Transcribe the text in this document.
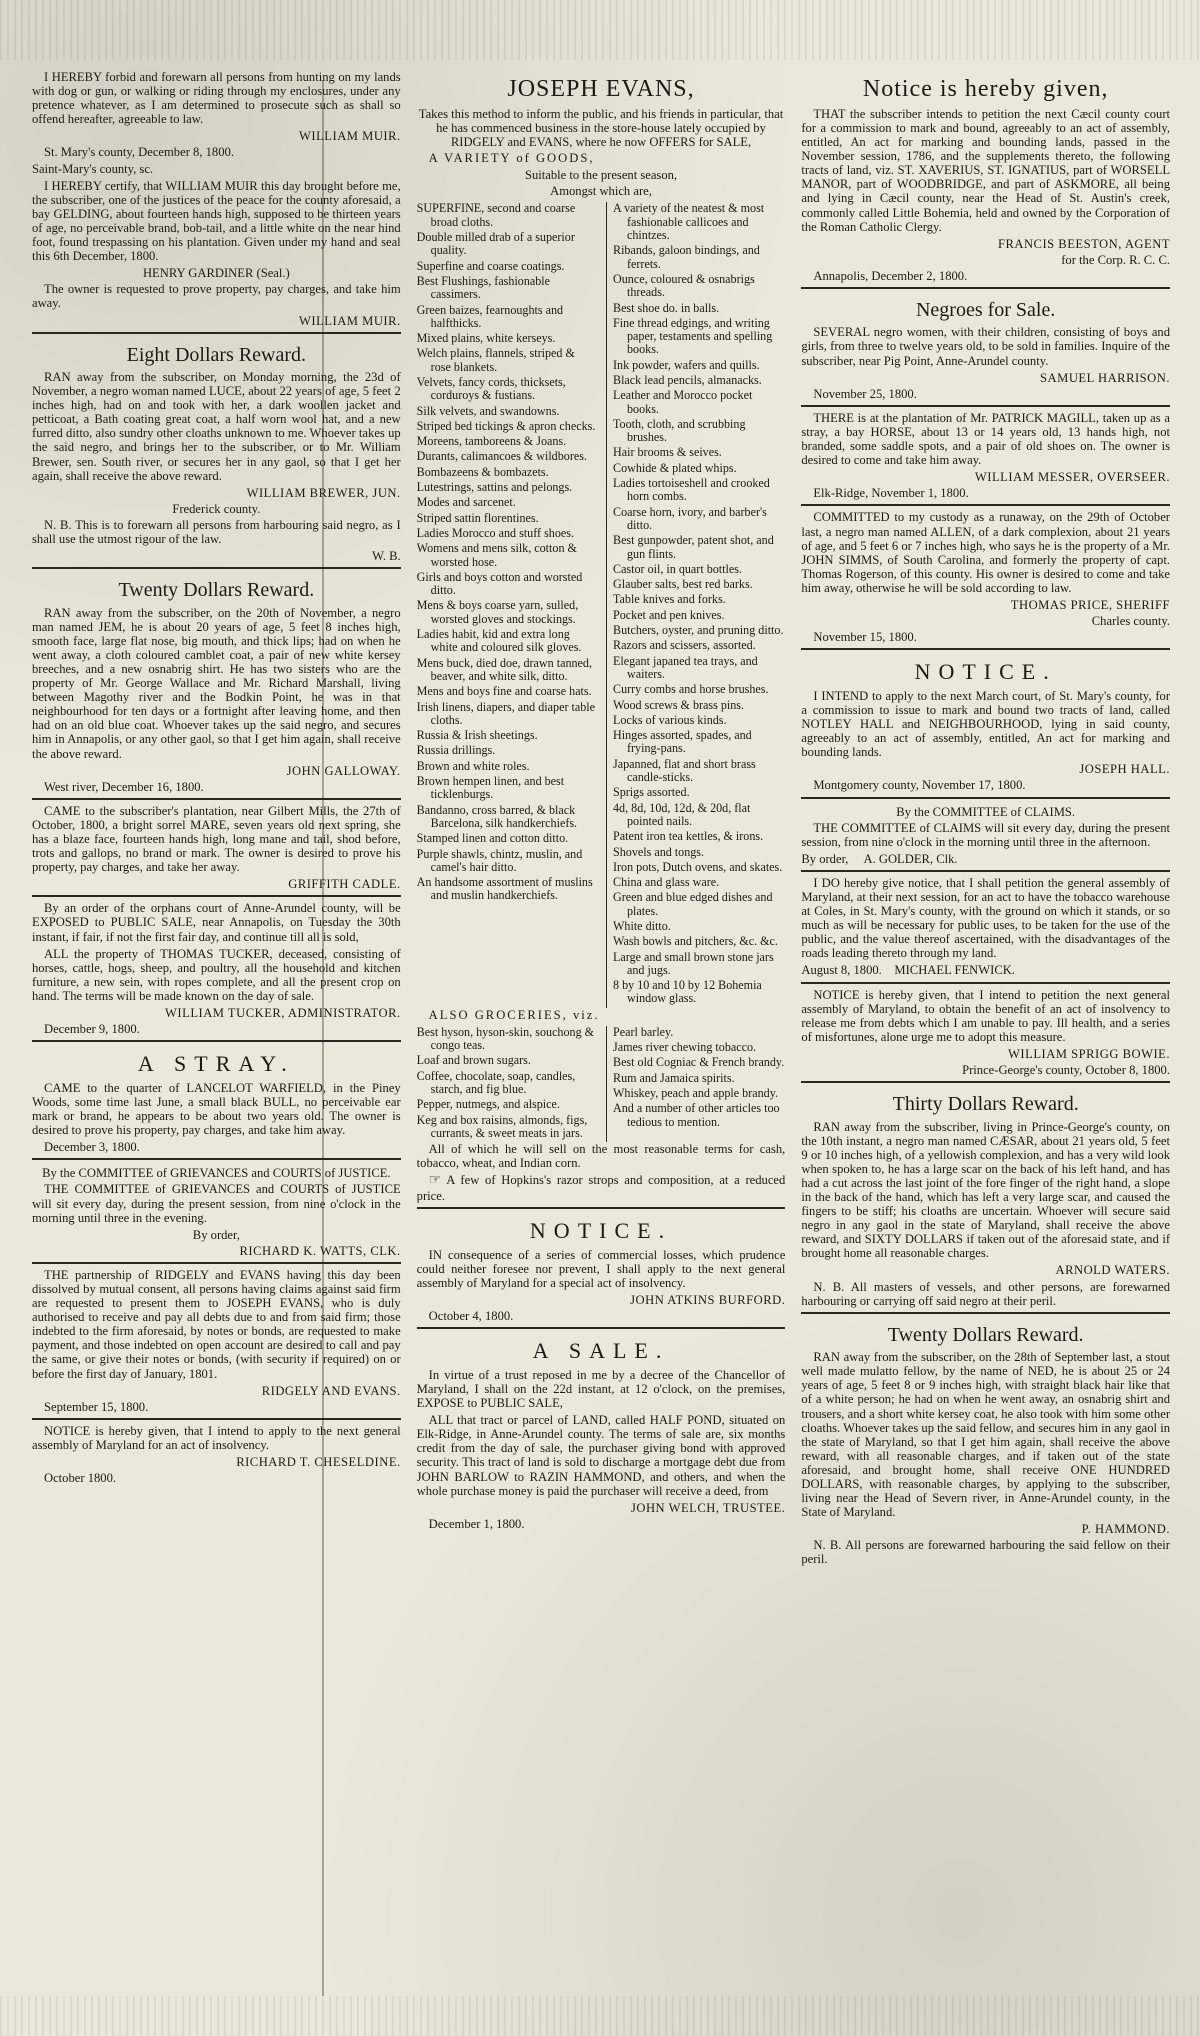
I HEREBY forbid and forewarn all persons from hunting on my lands with dog or gun, or walking or riding through my enclosures, under any pretence whatever, as I am determined to prosecute such as shall so offend hereafter, agreeable to law.

WILLIAM MUIR.

St. Mary's county, December 8, 1800.

Saint-Mary's county, sc.

I HEREBY certify, that WILLIAM MUIR this day brought before me, the subscriber, one of the justices of the peace for the county aforesaid, a bay GELDING, about fourteen hands high, supposed to be thirteen years of age, no perceivable brand, bob-tail, and a little white on the near hind foot, found trespassing on his plantation. Given under my hand and seal this 6th December, 1800.

HENRY GARDINER (Seal.)

The owner is requested to prove property, pay charges, and take him away.

WILLIAM MUIR.

Eight Dollars Reward.

RAN away from the subscriber, on Monday morning, the 23d of November, a negro woman named LUCE, about 22 years of age, 5 feet 2 inches high, had on and took with her, a dark woollen jacket and petticoat, a Bath coating great coat, a half worn wool hat, and a new furred ditto, also sundry other cloaths unknown to me. Whoever takes up the said negro, and brings her to the subscriber, or to Mr. William Brewer, sen. South river, or secures her in any gaol, so that I get her again, shall receive the above reward.

WILLIAM BREWER, JUN.

Frederick county.

N. B. This is to forewarn all persons from harbouring said negro, as I shall use the utmost rigour of the law.

W. B.

Twenty Dollars Reward.

RAN away from the subscriber, on the 20th of November, a negro man named JEM, he is about 20 years of age, 5 feet 8 inches high, smooth face, large flat nose, big mouth, and thick lips; had on when he went away, a cloth coloured camblet coat, a pair of new white kersey breeches, and a new osnabrig shirt. He has two sisters who are the property of Mr. George Wallace and Mr. Richard Marshall, living between Magothy river and the Bodkin Point, he was in that neighbourhood for ten days or a fortnight after leaving home, and then had on an old blue coat. Whoever takes up the said negro, and secures him in Annapolis, or any other gaol, so that I get him again, shall receive the above reward.

JOHN GALLOWAY.

West river, December 16, 1800.

CAME to the subscriber's plantation, near Gilbert Mills, the 27th of October, 1800, a bright sorrel MARE, seven years old next spring, she has a blaze face, fourteen hands high, long mane and tail, shod before, trots and gallops, no brand or mark. The owner is desired to prove his property, pay charges, and take her away.

GRIFFITH CADLE.

By an order of the orphans court of Anne-Arundel county, will be EXPOSED to PUBLIC SALE, near Annapolis, on Tuesday the 30th instant, if fair, if not the first fair day, and continue till all is sold,

ALL the property of THOMAS TUCKER, deceased, consisting of horses, cattle, hogs, sheep, and poultry, all the household and kitchen furniture, a new sein, with ropes complete, and all the present crop on hand. The terms will be made known on the day of sale.

WILLIAM TUCKER, ADMINISTRATOR.

December 9, 1800.

A STRAY.

CAME to the quarter of LANCELOT WARFIELD, in the Piney Woods, some time last June, a small black BULL, no perceivable ear mark or brand, he appears to be about two years old. The owner is desired to prove his property, pay charges, and take him away.

December 3, 1800.

By the COMMITTEE of GRIEVANCES and COURTS of JUSTICE.

THE COMMITTEE of GRIEVANCES and COURTS of JUSTICE will sit every day, during the present session, from nine o'clock in the morning until three in the evening.

By order,

RICHARD K. WATTS, CLK.

THE partnership of RIDGELY and EVANS having this day been dissolved by mutual consent, all persons having claims against said firm are requested to present them to JOSEPH EVANS, who is duly authorised to receive and pay all debts due to and from said firm; those indebted to the firm aforesaid, by notes or bonds, are requested to make payment, and those indebted on open account are desired to call and pay the same, or give their notes or bonds, (with security if required) on or before the first day of January, 1801.

RIDGELY AND EVANS.

September 15, 1800.

NOTICE is hereby given, that I intend to apply to the next general assembly of Maryland for an act of insolvency.

RICHARD T. CHESELDINE.

October 1800.

JOSEPH EVANS,

Takes this method to inform the public, and his friends in particular, that he has commenced business in the store-house lately occupied by RIDGELY and EVANS, where he now OFFERS for SALE,

A VARIETY of GOODS,

Suitable to the present season,

Amongst which are,

SUPERFINE, second and coarse broad cloths.
Double milled drab of a superior quality.
Superfine and coarse coatings.
Best Flushings, fashionable cassimers.
Green baizes, fearnoughts and halfthicks.
Mixed plains, white kerseys.
Welch plains, flannels, striped & rose blankets.
Velvets, fancy cords, thicksets, corduroys & fustians.
Silk velvets, and swandowns.
Striped bed tickings & apron checks.
Moreens, tamboreens & Joans.
Durants, calimancoes & wildbores.
Bombazeens & bombazets.
Lutestrings, sattins and pelongs.
Modes and sarcenet.
Striped sattin florentines.
Ladies Morocco and stuff shoes.
Womens and mens silk, cotton & worsted hose.
Girls and boys cotton and worsted ditto.
Mens & boys coarse yarn, sulled, worsted gloves and stockings.
Ladies habit, kid and extra long white and coloured silk gloves.
Mens buck, died doe, drawn tanned, beaver, and white silk, ditto.
Mens and boys fine and coarse hats.
Irish linens, diapers, and diaper table cloths.
Russia & Irish sheetings.
Russia drillings.
Brown and white roles.
Brown hempen linen, and best ticklenburgs.
Bandanno, cross barred, & black Barcelona, silk handkerchiefs.
Stamped linen and cotton ditto.
Purple shawls, chintz, muslin, and camel's hair ditto.
An handsome assortment of muslins and muslin handkerchiefs.
A variety of the neatest & most fashionable callicoes and chintzes.
Ribands, galoon bindings, and ferrets.
Ounce, coloured & osnabrigs threads.
Best shoe do. in balls.
Fine thread edgings, and writing paper, testaments and spelling books.
Ink powder, wafers and quills.
Black lead pencils, almanacks.
Leather and Morocco pocket books.
Tooth, cloth, and scrubbing brushes.
Hair brooms & seives.
Cowhide & plated whips.
Ladies tortoiseshell and crooked horn combs.
Coarse horn, ivory, and barber's ditto.
Best gunpowder, patent shot, and gun flints.
Castor oil, in quart bottles.
Glauber salts, best red barks.
Table knives and forks.
Pocket and pen knives.
Butchers, oyster, and pruning ditto.
Razors and scissers, assorted.
Elegant japaned tea trays, and waiters.
Curry combs and horse brushes.
Wood screws & brass pins.
Locks of various kinds.
Hinges assorted, spades, and frying-pans.
Japanned, flat and short brass candle-sticks.
Sprigs assorted.
4d, 8d, 10d, 12d, & 20d, flat pointed nails.
Patent iron tea kettles, & irons.
Shovels and tongs.
Iron pots, Dutch ovens, and skates.
China and glass ware.
Green and blue edged dishes and plates.
White ditto.
Wash bowls and pitchers, &c. &c.
Large and small brown stone jars and jugs.
8 by 10 and 10 by 12 Bohemia window glass.

ALSO GROCERIES, viz.

Best hyson, hyson-skin, souchong & congo teas.
Loaf and brown sugars.
Coffee, chocolate, soap, candles, starch, and fig blue.
Pepper, nutmegs, and alspice.
Keg and box raisins, almonds, figs, currants, & sweet meats in jars.
Pearl barley.
James river chewing tobacco.
Best old Cogniac & French brandy.
Rum and Jamaica spirits.
Whiskey, peach and apple brandy.
And a number of other articles too tedious to mention.

All of which he will sell on the most reasonable terms for cash, tobacco, wheat, and Indian corn.

☞ A few of Hopkins's razor strops and composition, at a reduced price.

NOTICE.

IN consequence of a series of commercial losses, which prudence could neither foresee nor prevent, I shall apply to the next general assembly of Maryland for a special act of insolvency.

JOHN ATKINS BURFORD.

October 4, 1800.

A SALE.

In virtue of a trust reposed in me by a decree of the Chancellor of Maryland, I shall on the 22d instant, at 12 o'clock, on the premises, EXPOSE to PUBLIC SALE,

ALL that tract or parcel of LAND, called HALF POND, situated on Elk-Ridge, in Anne-Arundel county. The terms of sale are, six months credit from the day of sale, the purchaser giving bond with approved security. This tract of land is sold to discharge a mortgage debt due from JOHN BARLOW to RAZIN HAMMOND, and others, and when the whole purchase money is paid the purchaser will receive a deed, from

JOHN WELCH, TRUSTEE.

December 1, 1800.

Notice is hereby given,

THAT the subscriber intends to petition the next Cæcil county court for a commission to mark and bound, agreeably to an act of assembly, entitled, An act for marking and bounding lands, passed in the November session, 1786, and the supplements thereto, the following tracts of land, viz. ST. XAVERIUS, ST. IGNATIUS, part of WORSELL MANOR, part of WOODBRIDGE, and part of ASKMORE, all being and lying in Cæcil county, near the Head of St. Austin's creek, commonly called Little Bohemia, held and owned by the Corporation of the Roman Catholic Clergy.

FRANCIS BEESTON, AGENT

for the Corp. R. C. C.

Annapolis, December 2, 1800.

Negroes for Sale.

SEVERAL negro women, with their children, consisting of boys and girls, from three to twelve years old, to be sold in families. Inquire of the subscriber, near Pig Point, Anne-Arundel county.

SAMUEL HARRISON.

November 25, 1800.

THERE is at the plantation of Mr. PATRICK MAGILL, taken up as a stray, a bay HORSE, about 13 or 14 years old, 13 hands high, not branded, some saddle spots, and a pair of old shoes on. The owner is desired to come and take him away.

WILLIAM MESSER, OVERSEER.

Elk-Ridge, November 1, 1800.

COMMITTED to my custody as a runaway, on the 29th of October last, a negro man named ALLEN, of a dark complexion, about 21 years of age, and 5 feet 6 or 7 inches high, who says he is the property of a Mr. JOHN SIMMS, of South Carolina, and formerly the property of capt. Thomas Rogerson, of this county. His owner is desired to come and take him away, otherwise he will be sold according to law.

THOMAS PRICE, SHERIFF

Charles county.

November 15, 1800.

NOTICE.

I INTEND to apply to the next March court, of St. Mary's county, for a commission to issue to mark and bound two tracts of land, called NOTLEY HALL and NEIGHBOURHOOD, lying in said county, agreeably to an act of assembly, entitled, An act for marking and bounding lands.

JOSEPH HALL.

Montgomery county, November 17, 1800.

By the COMMITTEE of CLAIMS.

THE COMMITTEE of CLAIMS will sit every day, during the present session, from nine o'clock in the morning until three in the afternoon.

By order, A. GOLDER, Clk.

I DO hereby give notice, that I shall petition the general assembly of Maryland, at their next session, for an act to have the tobacco warehouse at Coles, in St. Mary's county, with the ground on which it stands, or so much as will be necessary for public uses, to be taken for the use of the public, and the value thereof ascertained, with the disadvantages of the roads leading thereto through my land.

August 8, 1800. MICHAEL FENWICK.

NOTICE is hereby given, that I intend to petition the next general assembly of Maryland, to obtain the benefit of an act of insolvency to release me from debts which I am unable to pay. Ill health, and a series of misfortunes, alone urge me to adopt this measure.

WILLIAM SPRIGG BOWIE.

Prince-George's county, October 8, 1800.

Thirty Dollars Reward.

RAN away from the subscriber, living in Prince-George's county, on the 10th instant, a negro man named CÆSAR, about 21 years old, 5 feet 9 or 10 inches high, of a yellowish complexion, and has a very wild look when spoken to, he has a large scar on the back of his left hand, and has had a cut across the last joint of the fore finger of the right hand, a slope in the back of the hand, which has left a very large scar, and caused the fingers to be stiff; his cloaths are uncertain. Whoever will secure said negro in any gaol in the state of Maryland, shall receive the above reward, and SIXTY DOLLARS if taken out of the aforesaid state, and if brought home all reasonable charges.

ARNOLD WATERS.

N. B. All masters of vessels, and other persons, are forewarned harbouring or carrying off said negro at their peril.

Twenty Dollars Reward.

RAN away from the subscriber, on the 28th of September last, a stout well made mulatto fellow, by the name of NED, he is about 25 or 24 years of age, 5 feet 8 or 9 inches high, with straight black hair like that of a white person; he had on when he went away, an osnabrig shirt and trousers, and a short white kersey coat, he also took with him some other cloaths. Whoever takes up the said fellow, and secures him in any gaol in the state of Maryland, so that I get him again, shall receive the above reward, with all reasonable charges, and if taken out of the state aforesaid, and brought home, shall receive ONE HUNDRED DOLLARS, with reasonable charges, by applying to the subscriber, living near the Head of Severn river, in Anne-Arundel county, in the State of Maryland.

P. HAMMOND.

N. B. All persons are forewarned harbouring the said fellow on their peril.
